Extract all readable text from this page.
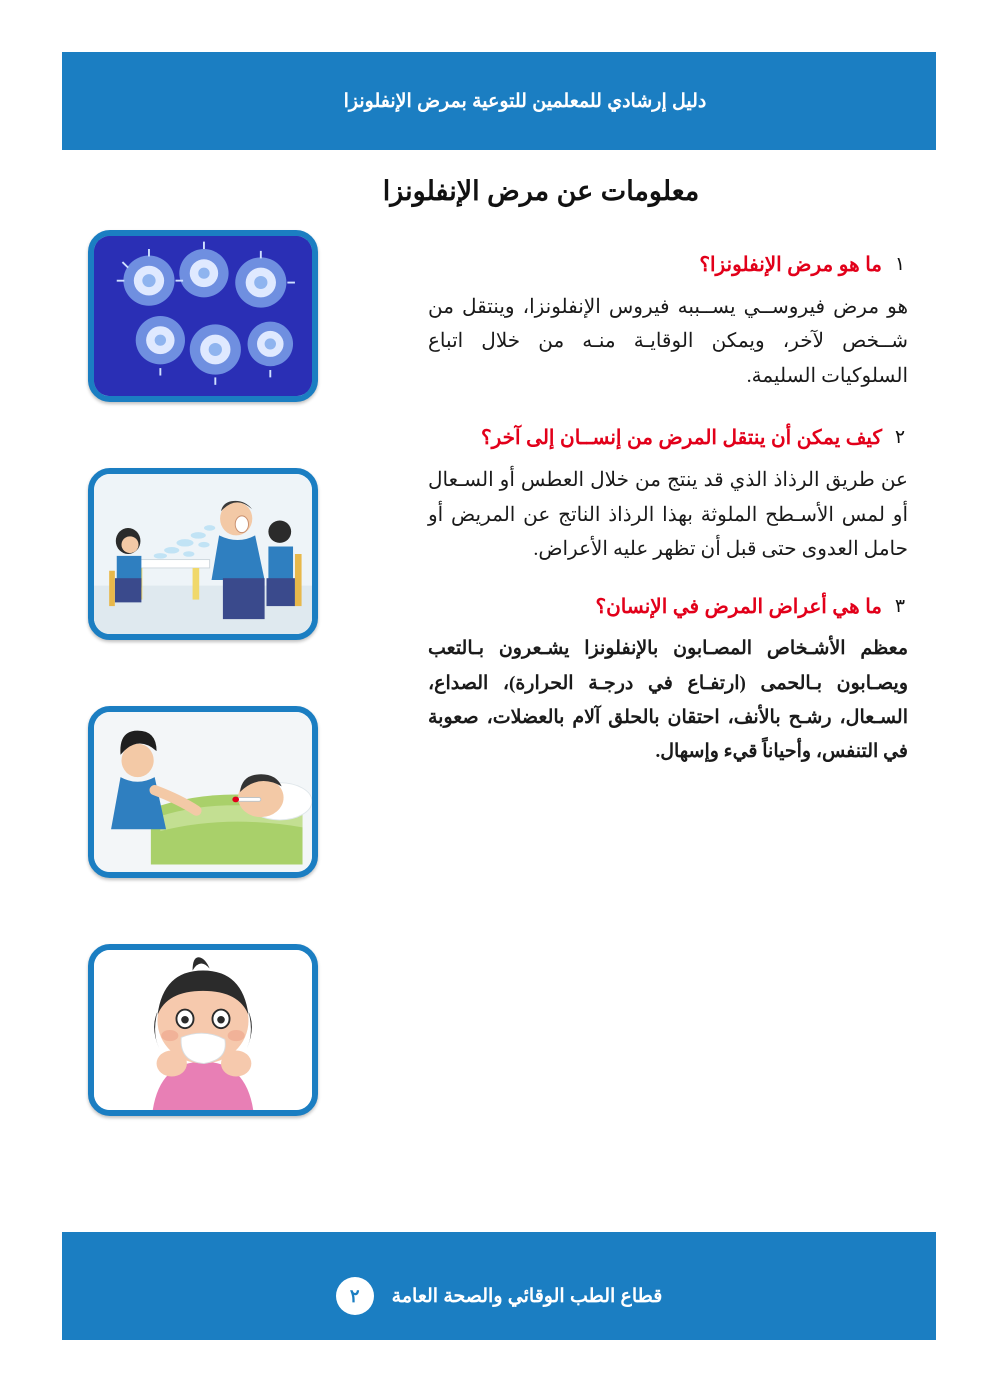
دليل إرشادي للمعلمين للتوعية بمرض الإنفلونزا
معلومات عن مرض الإنفلونزا
١
ما هو مرض الإنفلونزا؟
هو مرض فيروســي يســببه فيروس الإنفلونزا، وينتقل من شــخص لآخر، ويمكن الوقايـة منـه من خلال اتباع السلوكيات السليمة.
٢
كيف يمكن أن ينتقل المرض من إنســان إلى آخر؟
عن طريق الرذاذ الذي قد ينتج من خلال العطس أو السـعال أو لمس الأسـطح الملوثة بهذا الرذاذ الناتج عن المريض أو حامل العدوى حتى قبل أن تظهر عليه الأعراض.
٣
ما هي أعراض المرض في الإنسان؟
معظم الأشـخاص المصـابون بالإنفلونزا يشـعرون بـالتعب ويصـابون بـالحمى (ارتفـاع في درجـة الحرارة)، الصداع، السـعال، رشـح بالأنف، احتقان بالحلق آلام بالعضلات، صعوبة في التنفس، وأحياناً قيء وإسهال.
قطاع الطب الوقائي والصحة العامة
٢
